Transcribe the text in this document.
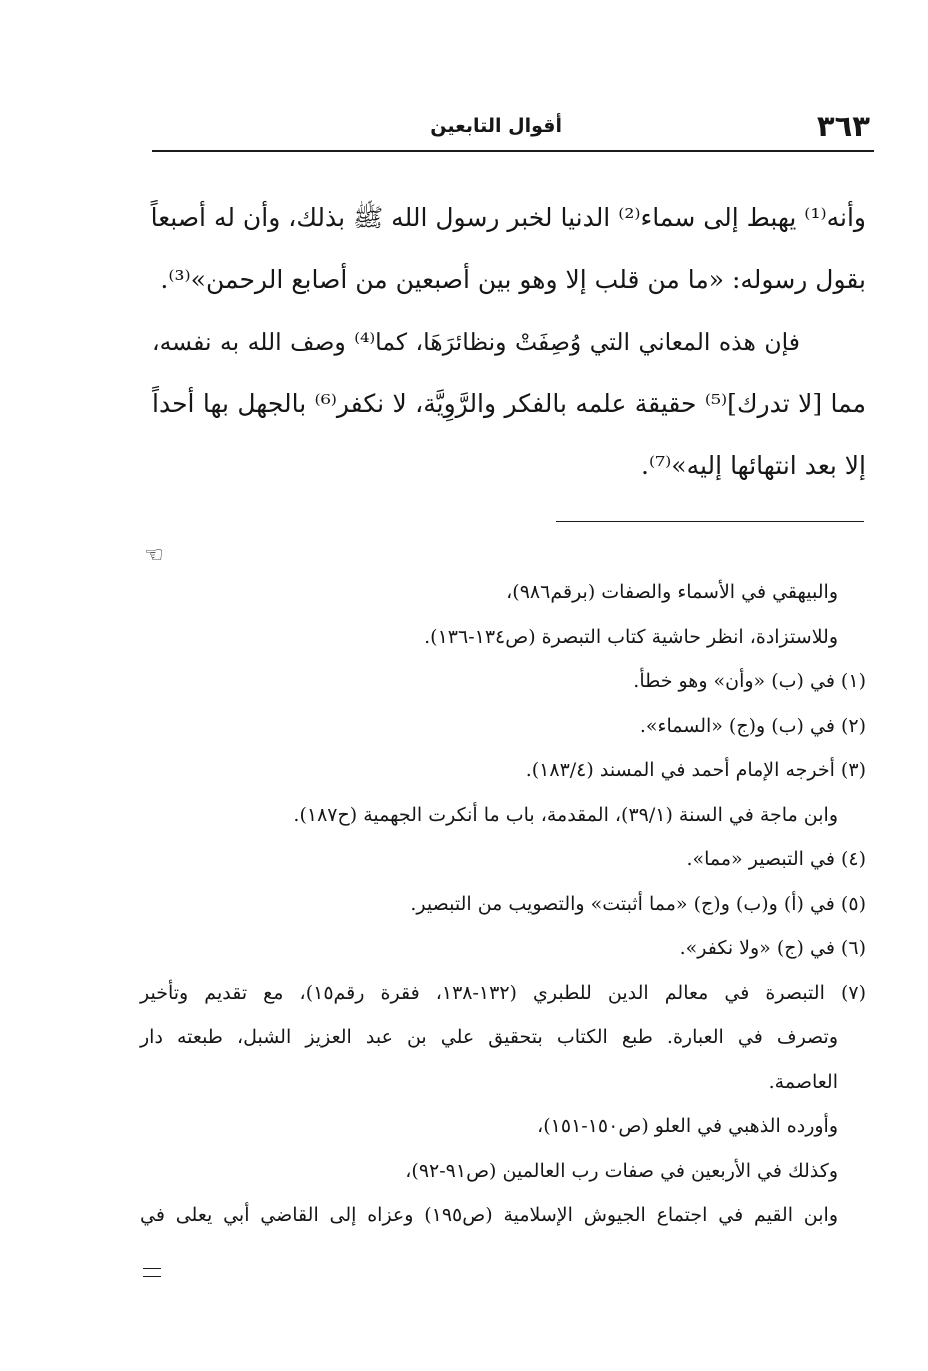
٣٦٣
أقوال التابعين
وأنه⁽¹⁾ يهبط إلى سماء⁽²⁾ الدنيا لخبر رسول الله ﷺ بذلك، وأن له أصبعاً
بقول رسوله: «ما من قلب إلا وهو بين أصبعين من أصابع الرحمن»⁽³⁾.
فإن هذه المعاني التي وُصِفَتْ ونظائرَهَا، كما⁽⁴⁾ وصف الله به نفسه،
مما [لا تدرك]⁽⁵⁾ حقيقة علمه بالفكر والرَّوِيَّة، لا نكفر⁽⁶⁾ بالجهل بها أحداً
إلا بعد انتهائها إليه»⁽⁷⁾.
☜
والبيهقي في الأسماء والصفات (برقم٩٨٦)،
وللاستزادة، انظر حاشية كتاب التبصرة (ص١٣٤-١٣٦).
(١) في (ب) «وأن» وهو خطأ.
(٢) في (ب) و(ج) «السماء».
(٣) أخرجه الإمام أحمد في المسند (١٨٣/٤).
وابن ماجة في السنة (٣٩/١)، المقدمة، باب ما أنكرت الجهمية (ح١٨٧).
(٤) في التبصير «مما».
(٥) في (أ) و(ب) و(ج) «مما أثبتت» والتصويب من التبصير.
(٦) في (ج) «ولا نكفر».
(٧) التبصرة في معالم الدين للطبري (١٣٢-١٣٨، فقرة رقم١٥)، مع تقديم وتأخير
وتصرف في العبارة. طبع الكتاب بتحقيق علي بن عبد العزيز الشبل، طبعته دار
العاصمة.
وأورده الذهبي في العلو (ص١٥٠-١٥١)،
وكذلك في الأربعين في صفات رب العالمين (ص٩١-٩٢)،
وابن القيم في اجتماع الجيوش الإسلامية (ص١٩٥) وعزاه إلى القاضي أبي يعلى في
